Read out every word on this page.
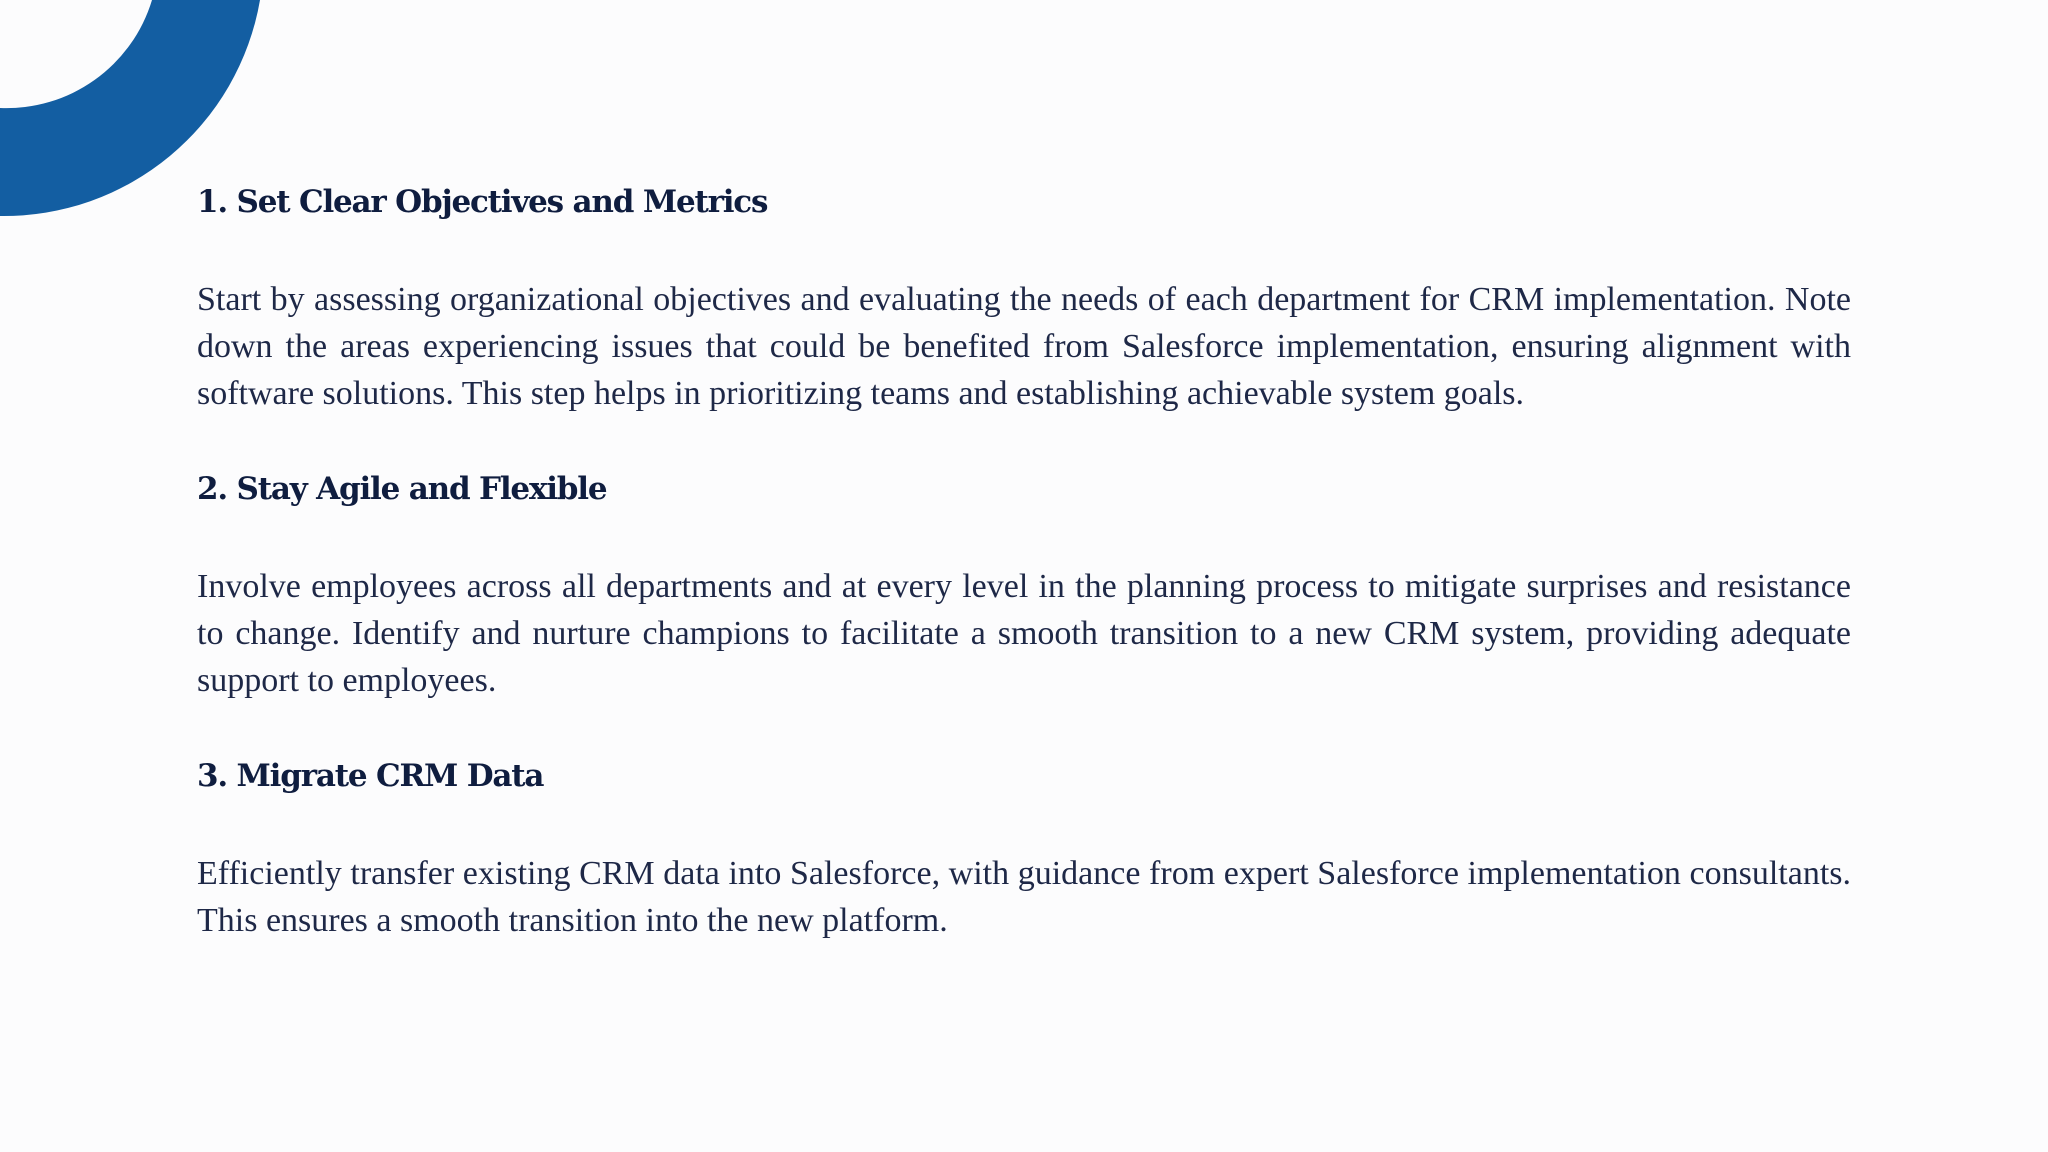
1. Set Clear Objectives and Metrics

Start by assessing organizational objectives and evaluating the needs of each department for CRM implementation. Note down the areas experiencing issues that could be benefited from Salesforce implementation, ensuring alignment with software solutions. This step helps in prioritizing teams and establishing achievable system goals.

2. Stay Agile and Flexible

Involve employees across all departments and at every level in the planning process to mitigate surprises and resistance to change. Identify and nurture champions to facilitate a smooth transition to a new CRM system, providing adequate support to employees.

3. Migrate CRM Data

Efficiently transfer existing CRM data into Salesforce, with guidance from expert Salesforce implementation consultants. This ensures a smooth transition into the new platform.
